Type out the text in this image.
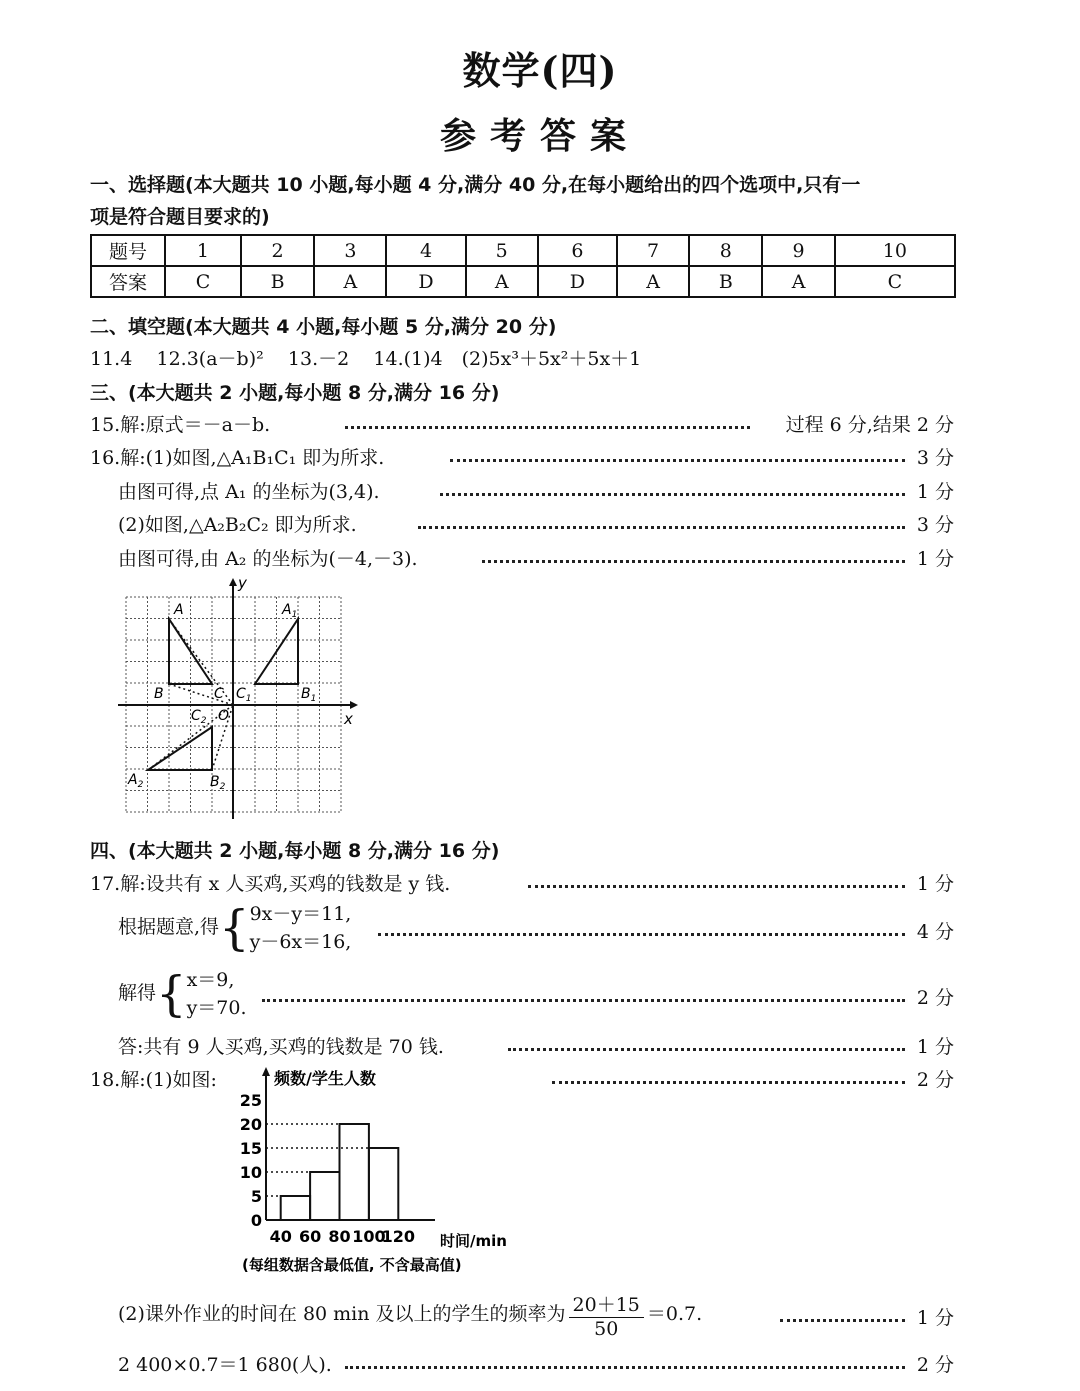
数学(四)
参考答案
一、选择题(本大题共 10 小题,每小题 4 分,满分 40 分,在每小题给出的四个选项中,只有一
项是符合题目要求的)
题号	1	2	3	4	5	6	7	8	9	10
答案	C	B	A	D	A	D	A	B	A	C
二、填空题(本大题共 4 小题,每小题 5 分,满分 20 分)
11.4 12.3(a－b)² 13.－2 14.(1)4　(2)5x³＋5x²＋5x＋1
三、(本大题共 2 小题,每小题 8 分,满分 16 分)
15.解:原式＝－a－b.	过程 6 分,结果 2 分
16.解:(1)如图,△A₁B₁C₁ 即为所求.	3 分
由图可得,点 A₁ 的坐标为(3,4).	1 分
(2)如图,△A₂B₂C₂ 即为所求.	3 分
由图可得,由 A₂ 的坐标为(－4,－3).	1 分
y
x
O
A
B	C
$A_1$
$B_1$
$C_1$
$A_2$	$B_2$
$C_2$
四、(本大题共 2 小题,每小题 8 分,满分 16 分)
17.解:设共有 x 人买鸡,买鸡的钱数是 y 钱.	1 分
根据题意,得{9x－y＝11,
y－6x＝16,	4 分
解得{x＝9,
y＝70.	2 分
答:共有 9 人买鸡,买鸡的钱数是 70 钱.	1 分
18.解:(1)如图:	2 分
频数/学生人数
0
5
10
15
20
25
40 60 80 100
120 时间/min
(每组数据含最低值, 不含最高值)
(2)课外作业的时间在 80 min 及以上的学生的频率为 $\frac{20+15}{50} =0.7$.	1 分
2 400×0.7＝1 680(人).	2 分
